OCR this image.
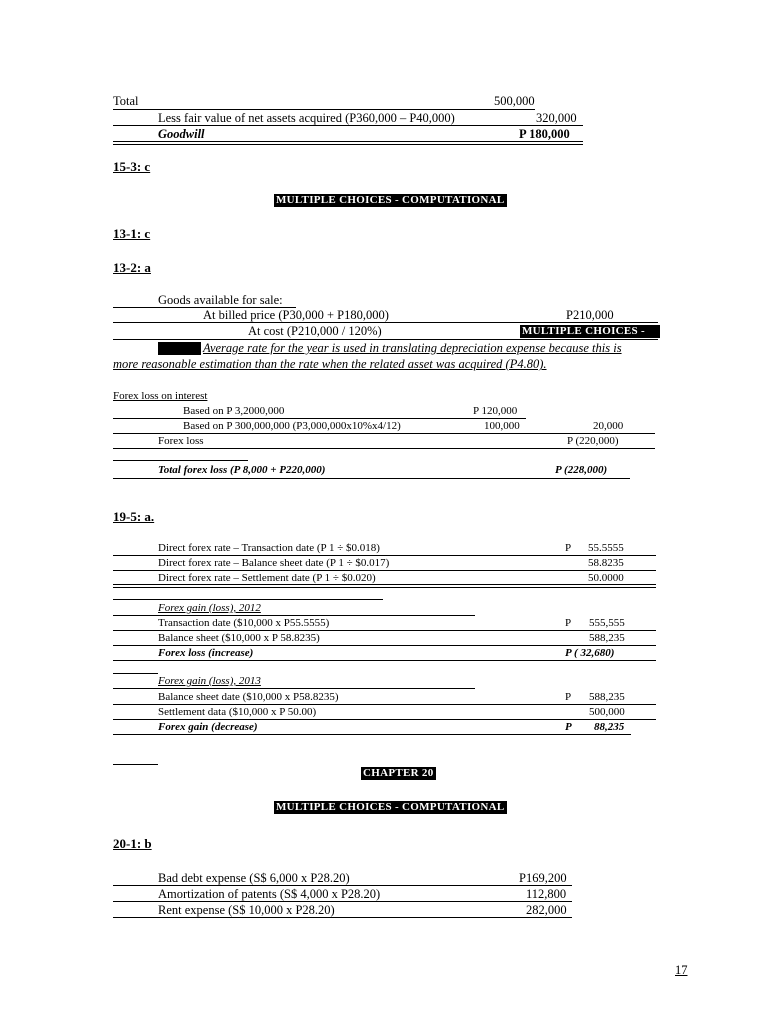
Total	500,000
Less fair value of net assets acquired (P360,000 – P40,000)	320,000
Goodwill	P 180,000
15-3: c
MULTIPLE CHOICES - COMPUTATIONAL
13-1: c
13-2: a
Goods available for sale:
At billed price (P30,000 + P180,000)	P210,000
At cost (P210,000 / 120%)	MULTIPLE CHOICES -
Average rate for the year is used in translating depreciation expense because this is
more reasonable estimation than the rate when the related asset was acquired (P4.80).
Forex loss on interest
Based on P 3,2000,000	P 120,000
Based on P 300,000,000 (P3,000,000x10%x4/12)	100,000	20,000
Forex loss	P (220,000)
Total forex loss (P 8,000 + P220,000)	P (228,000)
19-5: a.
Direct forex rate – Transaction date (P 1 ÷ $0.018)	P 55.5555
Direct forex rate – Balance sheet date (P 1 ÷ $0.017)	58.8235
Direct forex rate – Settlement date (P 1 ÷ $0.020)	50.0000
Forex gain (loss), 2012
Transaction date ($10,000 x P55.5555)	P 555,555
Balance sheet ($10,000 x P 58.8235)	588,235
Forex loss (increase)	P ( 32,680)
Forex gain (loss), 2013
Balance sheet date ($10,000 x P58.8235)	P 588,235
Settlement data ($10,000 x P 50.00)	500,000
Forex gain (decrease)	P 88,235
CHAPTER 20
MULTIPLE CHOICES - COMPUTATIONAL
20-1: b
Bad debt expense (S$ 6,000 x P28.20)	P169,200
Amortization of patents (S$ 4,000 x P28.20)	112,800
Rent expense (S$ 10,000 x P28.20)	282,000
17
